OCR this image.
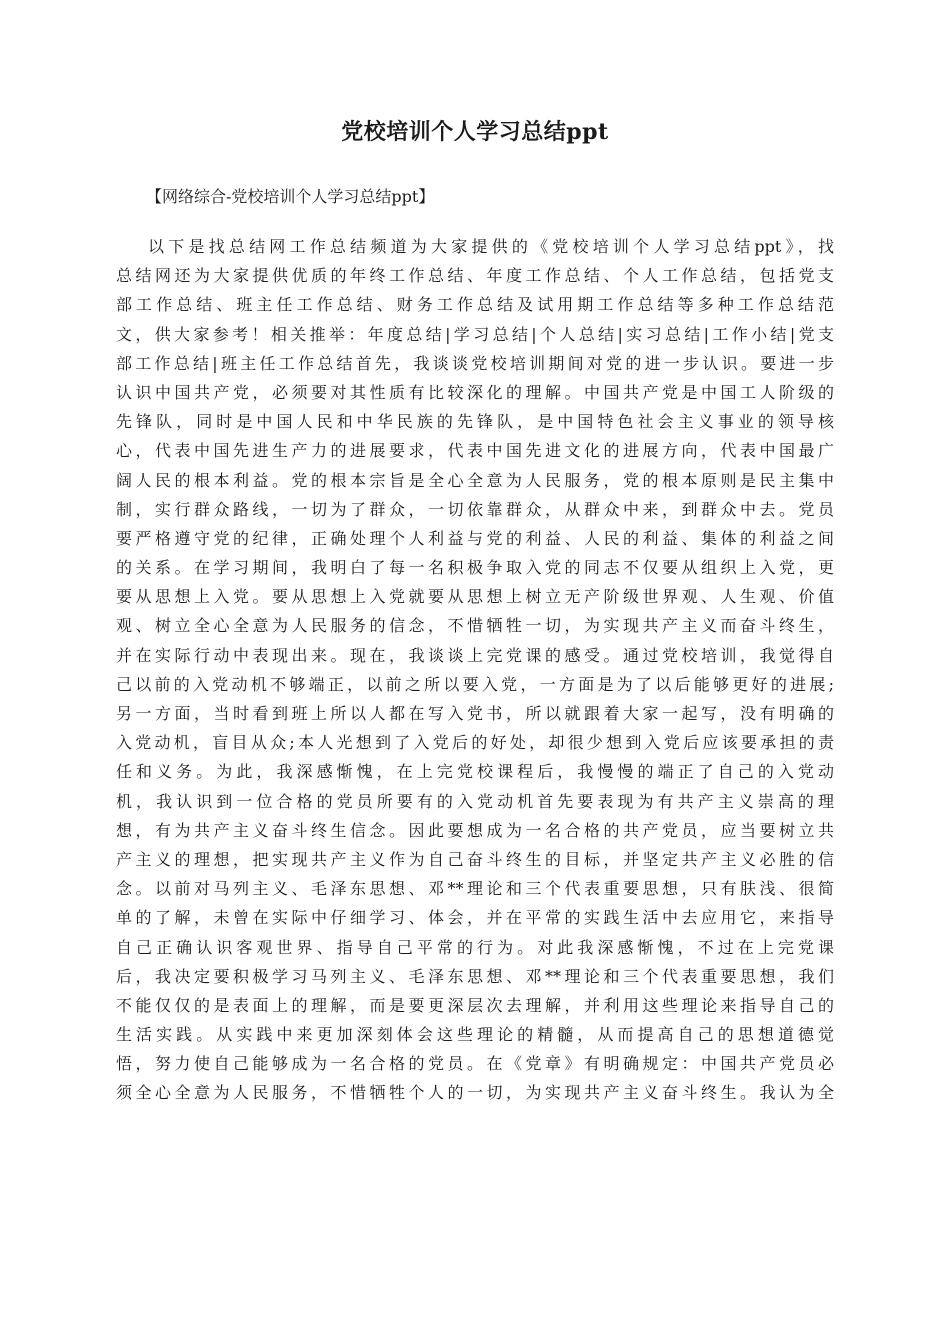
党校培训个人学习总结ppt
【网络综合-党校培训个人学习总结ppt】
以下是找总结网工作总结频道为大家提供的《党校培训个人学习总结ppt》，找
总结网还为大家提供优质的年终工作总结、年度工作总结、个人工作总结，包括党支
部工作总结、班主任工作总结、财务工作总结及试用期工作总结等多种工作总结范
文，供大家参考！相关推举：年度总结|学习总结|个人总结|实习总结|工作小结|党支
部工作总结|班主任工作总结首先，我谈谈党校培训期间对党的进一步认识。要进一步
认识中国共产党，必须要对其性质有比较深化的理解。中国共产党是中国工人阶级的
先锋队，同时是中国人民和中华民族的先锋队，是中国特色社会主义事业的领导核
心，代表中国先进生产力的进展要求，代表中国先进文化的进展方向，代表中国最广
阔人民的根本利益。党的根本宗旨是全心全意为人民服务，党的根本原则是民主集中
制，实行群众路线，一切为了群众，一切依靠群众，从群众中来，到群众中去。党员
要严格遵守党的纪律，正确处理个人利益与党的利益、人民的利益、集体的利益之间
的关系。在学习期间，我明白了每一名积极争取入党的同志不仅要从组织上入党，更
要从思想上入党。要从思想上入党就要从思想上树立无产阶级世界观、人生观、价值
观、树立全心全意为人民服务的信念，不惜牺牲一切，为实现共产主义而奋斗终生，
并在实际行动中表现出来。现在，我谈谈上完党课的感受。通过党校培训，我觉得自
己以前的入党动机不够端正，以前之所以要入党，一方面是为了以后能够更好的进展;
另一方面，当时看到班上所以人都在写入党书，所以就跟着大家一起写，没有明确的
入党动机，盲目从众;本人光想到了入党后的好处，却很少想到入党后应该要承担的责
任和义务。为此，我深感惭愧，在上完党校课程后，我慢慢的端正了自己的入党动
机，我认识到一位合格的党员所要有的入党动机首先要表现为有共产主义崇高的理
想，有为共产主义奋斗终生信念。因此要想成为一名合格的共产党员，应当要树立共
产主义的理想，把实现共产主义作为自己奋斗终生的目标，并坚定共产主义必胜的信
念。以前对马列主义、毛泽东思想、邓**理论和三个代表重要思想，只有肤浅、很简
单的了解，未曾在实际中仔细学习、体会，并在平常的实践生活中去应用它，来指导
自己正确认识客观世界、指导自己平常的行为。对此我深感惭愧，不过在上完党课
后，我决定要积极学习马列主义、毛泽东思想、邓**理论和三个代表重要思想，我们
不能仅仅的是表面上的理解，而是要更深层次去理解，并利用这些理论来指导自己的
生活实践。从实践中来更加深刻体会这些理论的精髓，从而提高自己的思想道德觉
悟，努力使自己能够成为一名合格的党员。在《党章》有明确规定：中国共产党员必
须全心全意为人民服务，不惜牺牲个人的一切，为实现共产主义奋斗终生。我认为全
